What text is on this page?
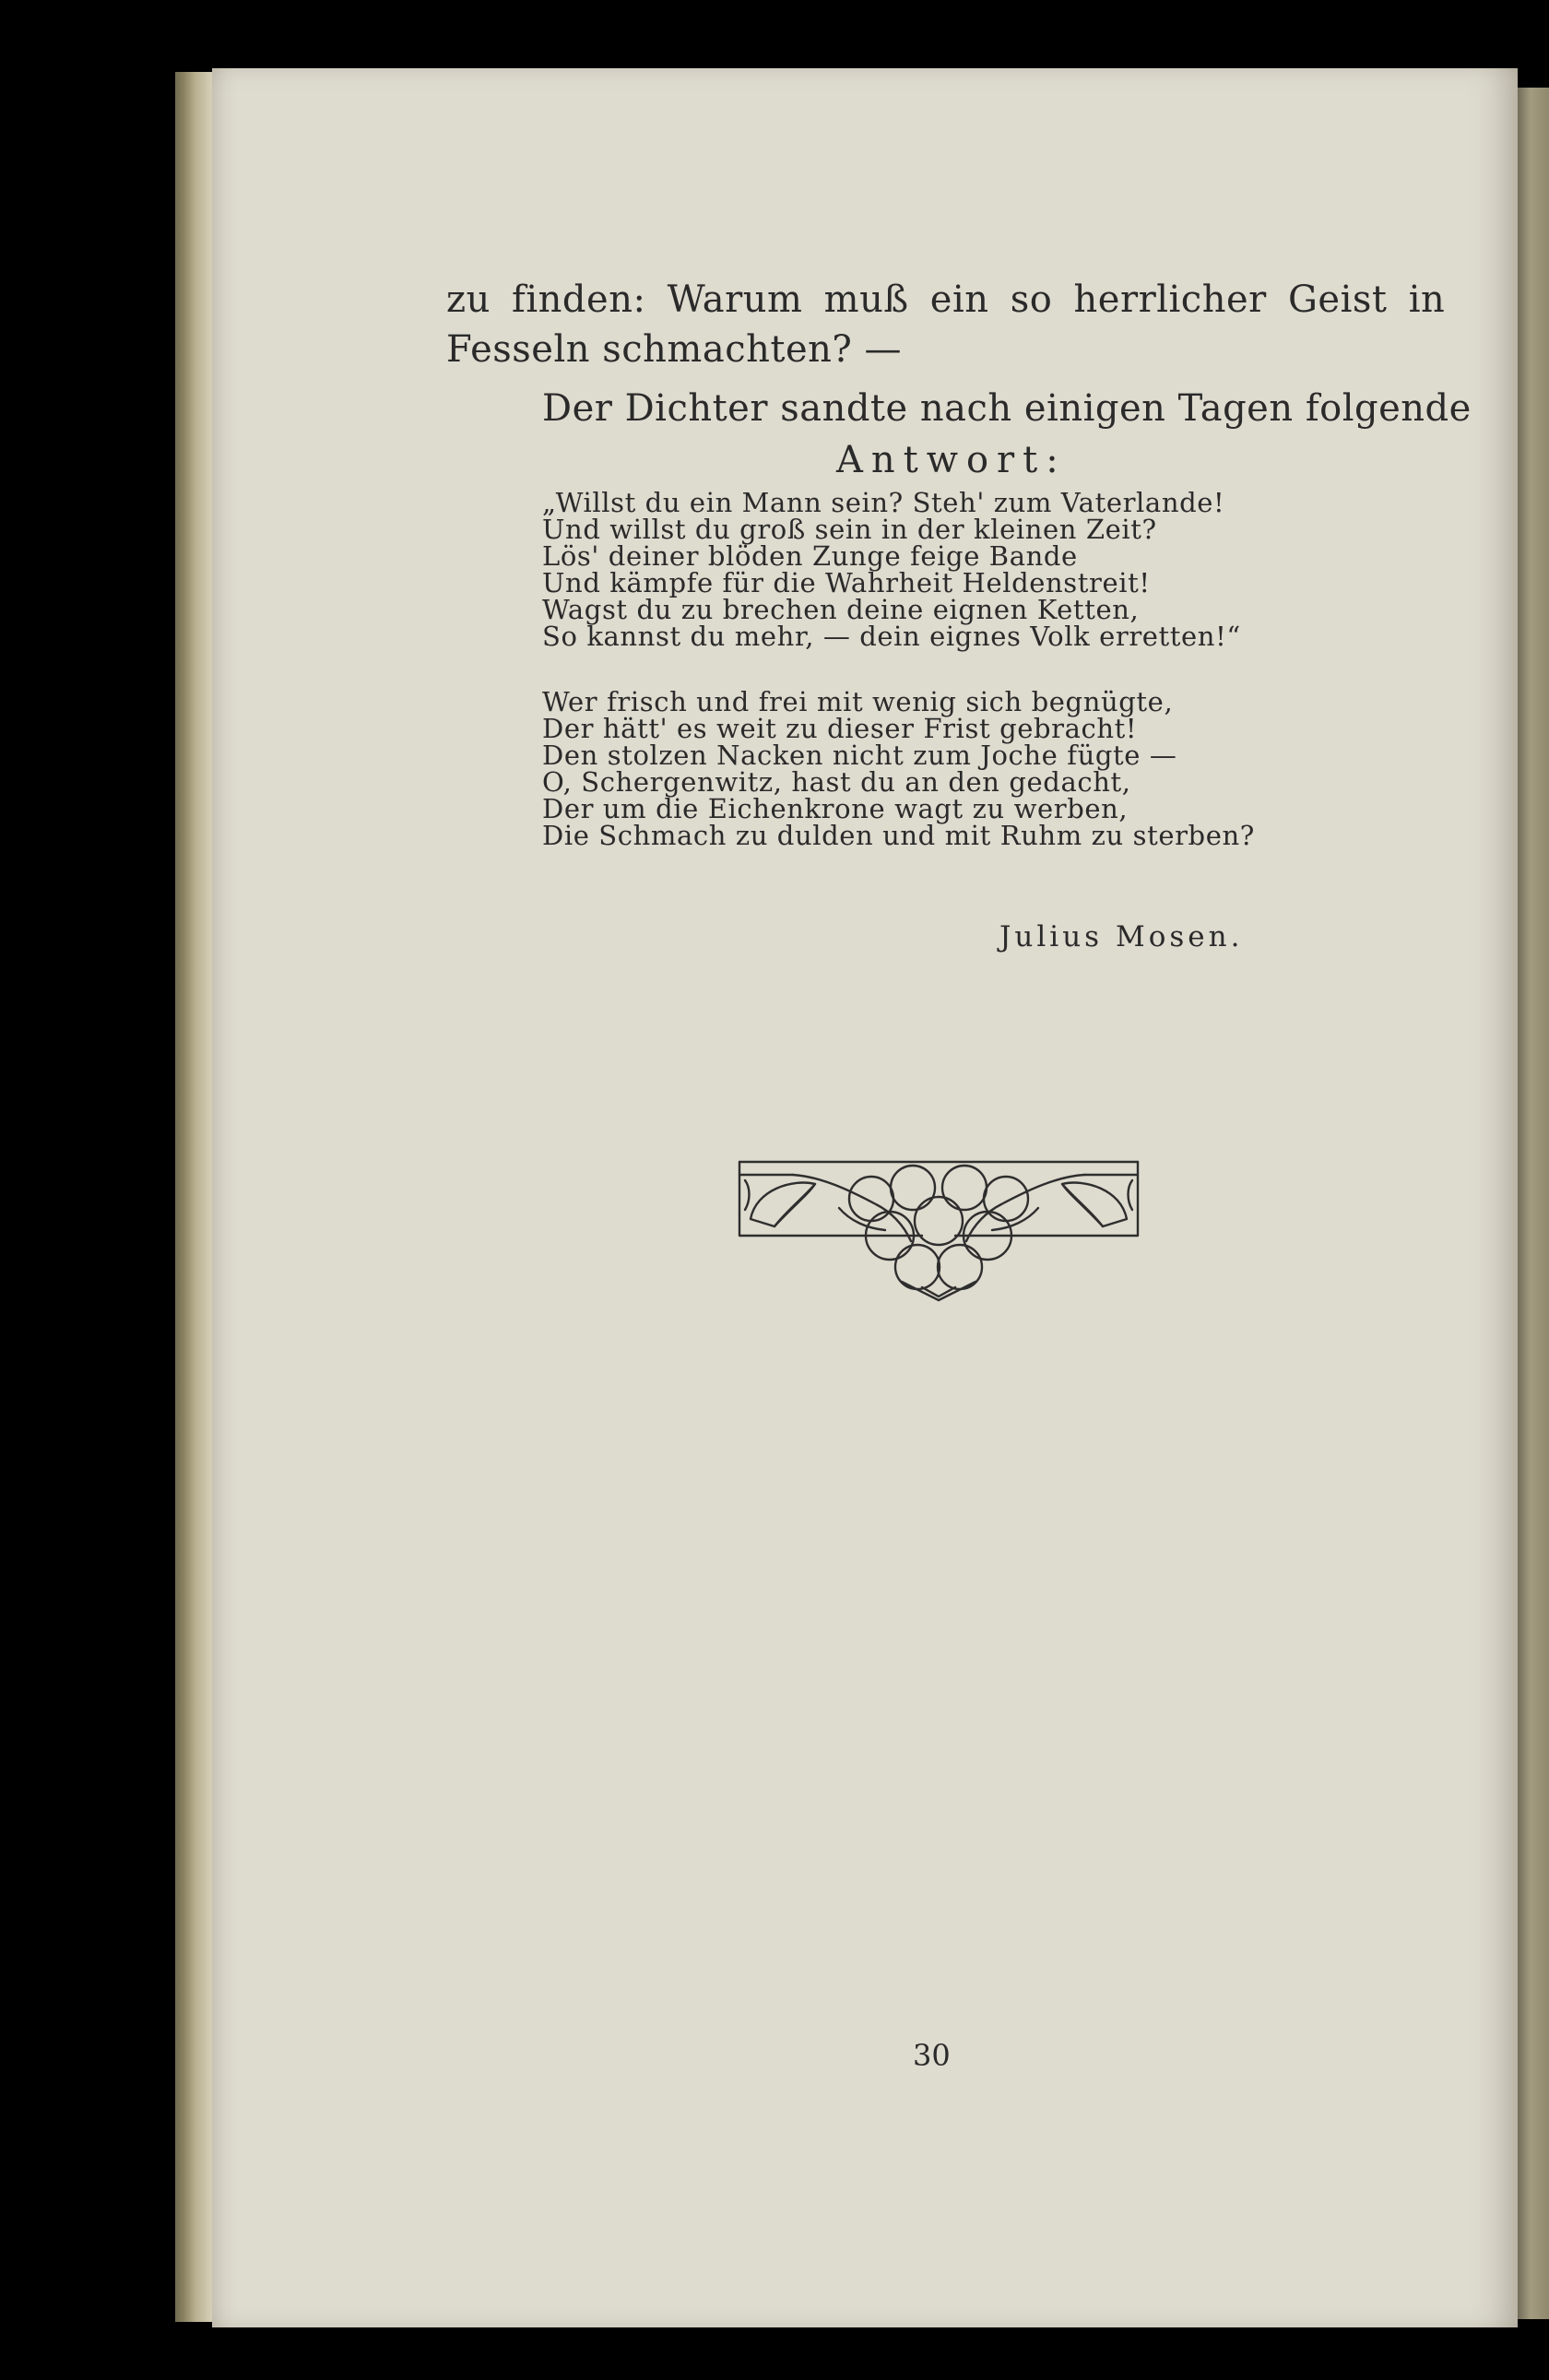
zu finden: Warum muß ein so herrlicher Geist in
Fesseln schmachten? —
Der Dichter sandte nach einigen Tagen folgende
Antwort:
„Willst du ein Mann sein? Steh' zum Vaterlande!
Und willst du groß sein in der kleinen Zeit?
Lös' deiner blöden Zunge feige Bande
Und kämpfe für die Wahrheit Heldenstreit!
Wagst du zu brechen deine eignen Ketten,
So kannst du mehr, — dein eignes Volk erretten!“
Wer frisch und frei mit wenig sich begnügte,
Der hätt' es weit zu dieser Frist gebracht!
Den stolzen Nacken nicht zum Joche fügte —
O, Schergenwitz, hast du an den gedacht,
Der um die Eichenkrone wagt zu werben,
Die Schmach zu dulden und mit Ruhm zu sterben?
Julius Mosen.
30
